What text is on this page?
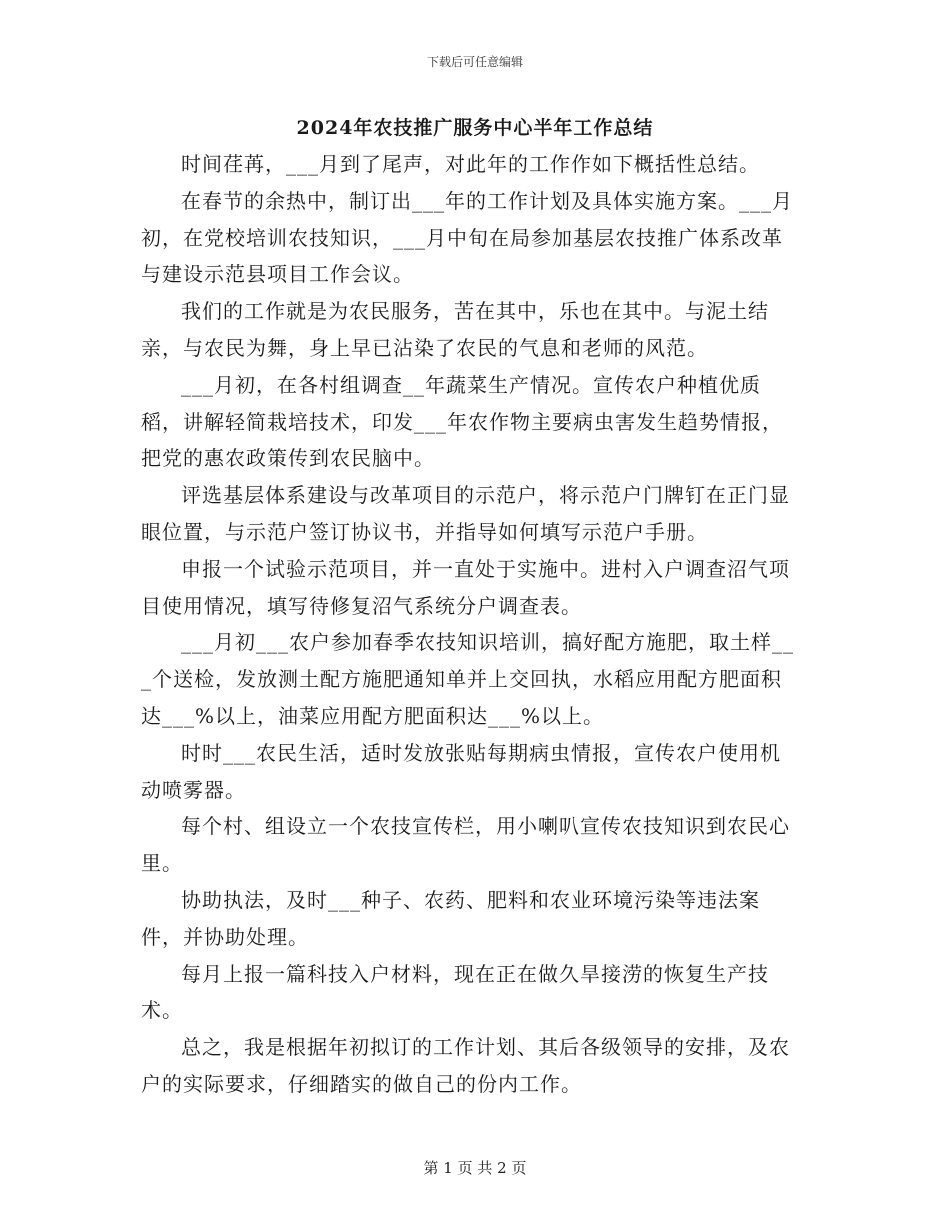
下载后可任意编辑
2024年农技推广服务中心半年工作总结

时间荏苒，___月到了尾声，对此年的工作作如下概括性总结。

在春节的余热中，制订出___年的工作计划及具体实施方案。___月初，在党校培训农技知识，___月中旬在局参加基层农技推广体系改革与建设示范县项目工作会议。

我们的工作就是为农民服务，苦在其中，乐也在其中。与泥土结亲，与农民为舞，身上早已沾染了农民的气息和老师的风范。

___月初，在各村组调查__年蔬菜生产情况。宣传农户种植优质稻，讲解轻简栽培技术，印发___年农作物主要病虫害发生趋势情报，把党的惠农政策传到农民脑中。

评选基层体系建设与改革项目的示范户，将示范户门牌钉在正门显眼位置，与示范户签订协议书，并指导如何填写示范户手册。

申报一个试验示范项目，并一直处于实施中。进村入户调查沼气项目使用情况，填写待修复沼气系统分户调查表。

___月初___农户参加春季农技知识培训，搞好配方施肥，取土样___个送检，发放测土配方施肥通知单并上交回执，水稻应用配方肥面积达___%以上，油菜应用配方肥面积达___%以上。

时时___农民生活，适时发放张贴每期病虫情报，宣传农户使用机动喷雾器。

每个村、组设立一个农技宣传栏，用小喇叭宣传农技知识到农民心里。

协助执法，及时___种子、农药、肥料和农业环境污染等违法案件，并协助处理。

每月上报一篇科技入户材料，现在正在做久旱接涝的恢复生产技术。

总之，我是根据年初拟订的工作计划、其后各级领导的安排，及农户的实际要求，仔细踏实的做自己的份内工作。

第 1 页 共 2 页
